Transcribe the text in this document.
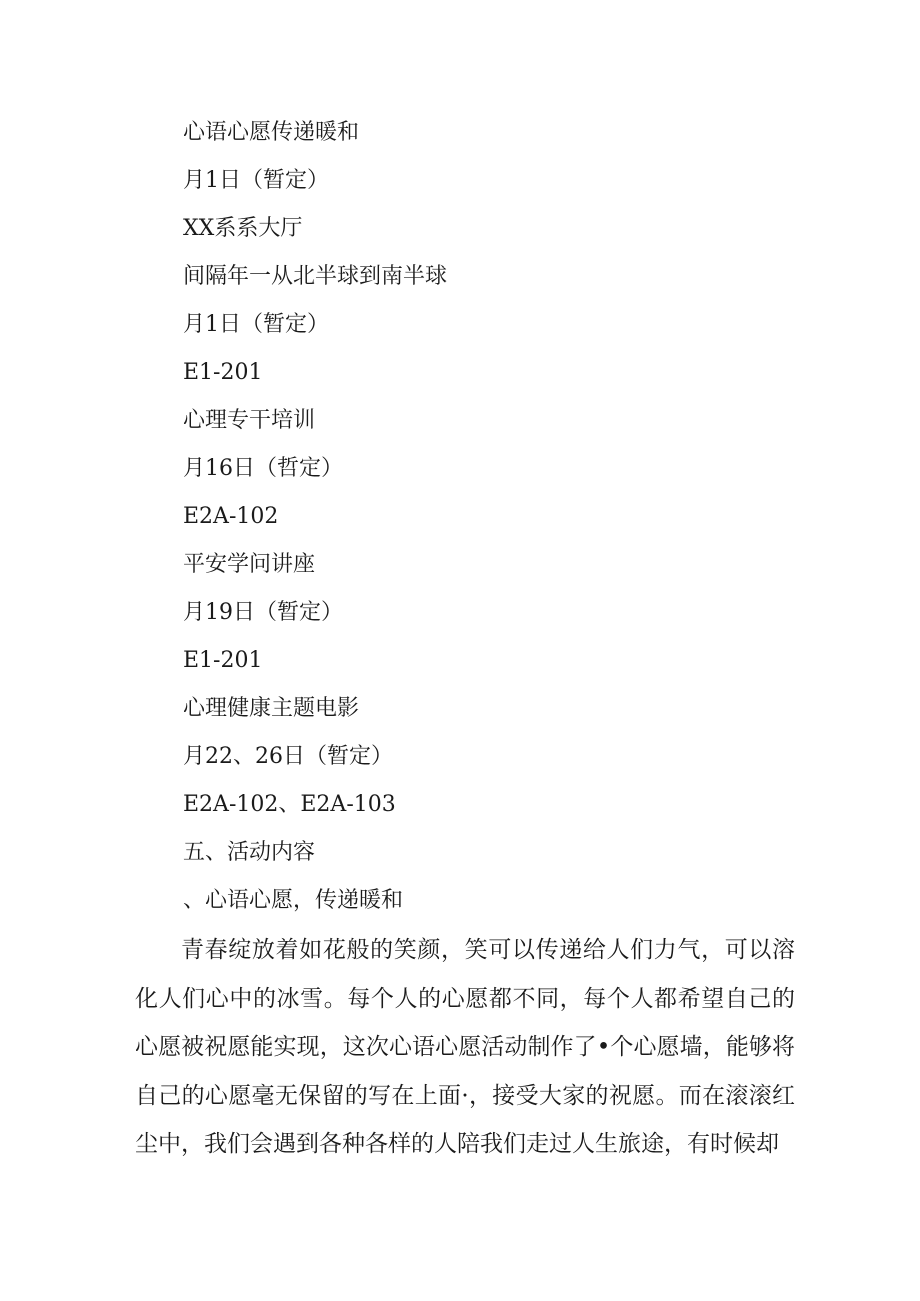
心语心愿传递暖和
月1日（暂定）
XX系系大厅
间隔年一从北半球到南半球
月1日（暂定）
E1-201
心理专干培训
月16日（哲定）
E2A-102
平安学问讲座
月19日（暂定）
E1-201
心理健康主题电影
月22、26日（暂定）
E2A-102、E2A-103
五、活动内容
、心语心愿，传递暖和

青春绽放着如花般的笑颜，笑可以传递给人们力气，可以溶化人们心中的冰雪。每个人的心愿都不同，每个人都希望自己的心愿被祝愿能实现，这次心语心愿活动制作了•个心愿墙，能够将自己的心愿毫无保留的写在上面·，接受大家的祝愿。而在滚滚红尘中，我们会遇到各种各样的人陪我们走过人生旅途，有时候却
